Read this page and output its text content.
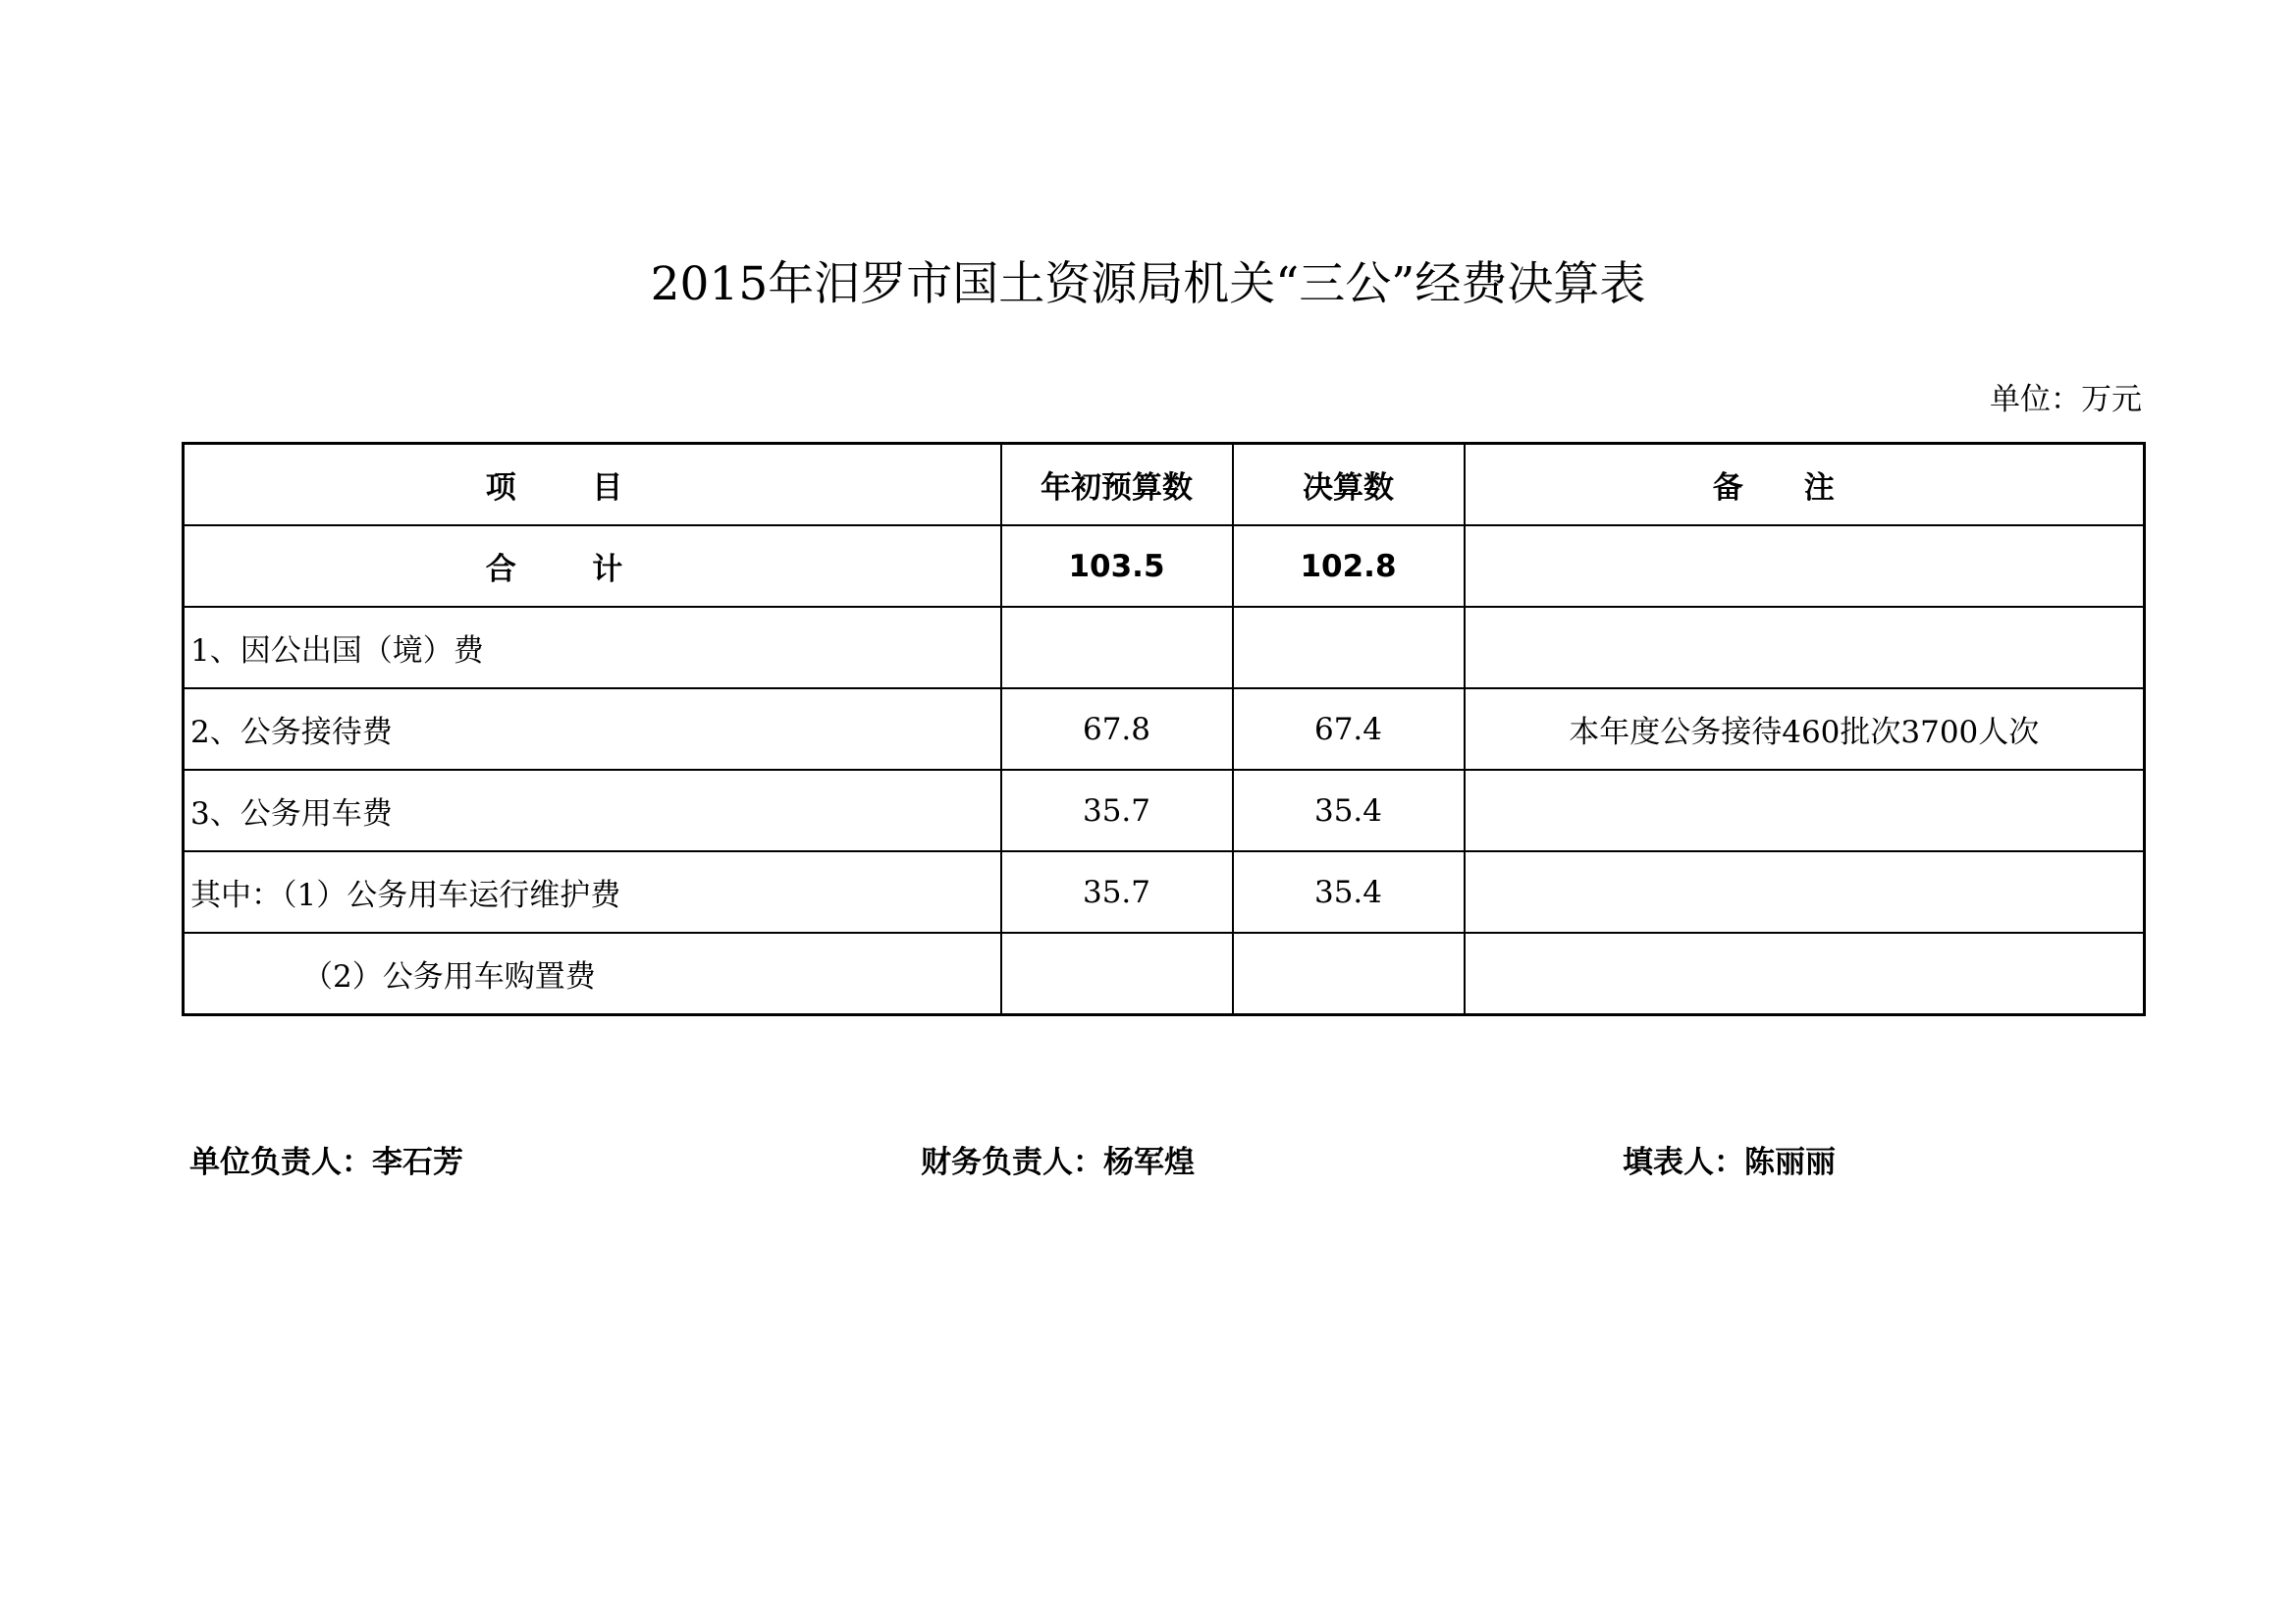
2015年汨罗市国土资源局机关“三公”经费决算表
单位：万元
项目	年初预算数	决算数	备注
合计	103.5	102.8	
1、因公出国（境）费			
2、公务接待费	67.8	67.4	本年度公务接待460批次3700人次
3、公务用车费	35.7	35.4	
其中：（1）公务用车运行维护费	35.7	35.4	
（2）公务用车购置费			
单位负责人：李石芳	财务负责人：杨军煌	填表人：陈丽丽
